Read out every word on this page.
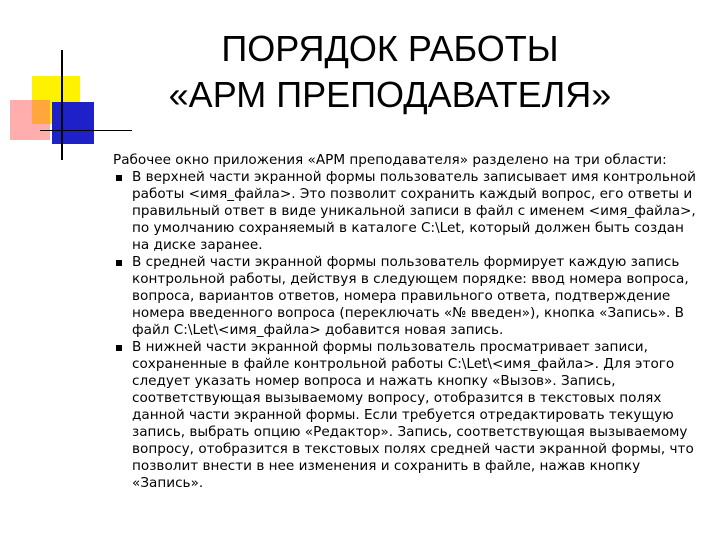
ПОРЯДОК РАБОТЫ
«АРМ ПРЕПОДАВАТЕЛЯ»

Рабочее окно приложения «АРМ преподавателя» разделено на три области:

В верхней части экранной формы пользователь записывает имя контрольной работы <имя_файла>. Это позволит сохранить каждый вопрос, его ответы и правильный ответ в виде уникальной записи в файл с именем <имя_файла>, по умолчанию сохраняемый в каталоге C:\Let, который должен быть создан на диске заранее.
В средней части экранной формы пользователь формирует каждую запись контрольной работы, действуя в следующем порядке: ввод номера вопроса, вопроса, вариантов ответов, номера правильного ответа, подтверждение номера введенного вопроса (переключать «№ введен»), кнопка «Запись». В файл C:\Let\<имя_файла> добавится новая запись.
В нижней части экранной формы пользователь просматривает записи, сохраненные в файле контрольной работы C:\Let\<имя_файла>. Для этого следует указать номер вопроса и нажать кнопку «Вызов». Запись, соответствующая вызываемому вопросу, отобразится в текстовых полях данной части экранной формы. Если требуется отредактировать текущую запись, выбрать опцию «Редактор». Запись, соответствующая вызываемому вопросу, отобразится в текстовых полях средней части экранной формы, что позволит внести в нее изменения и сохранить в файле, нажав кнопку «Запись».
